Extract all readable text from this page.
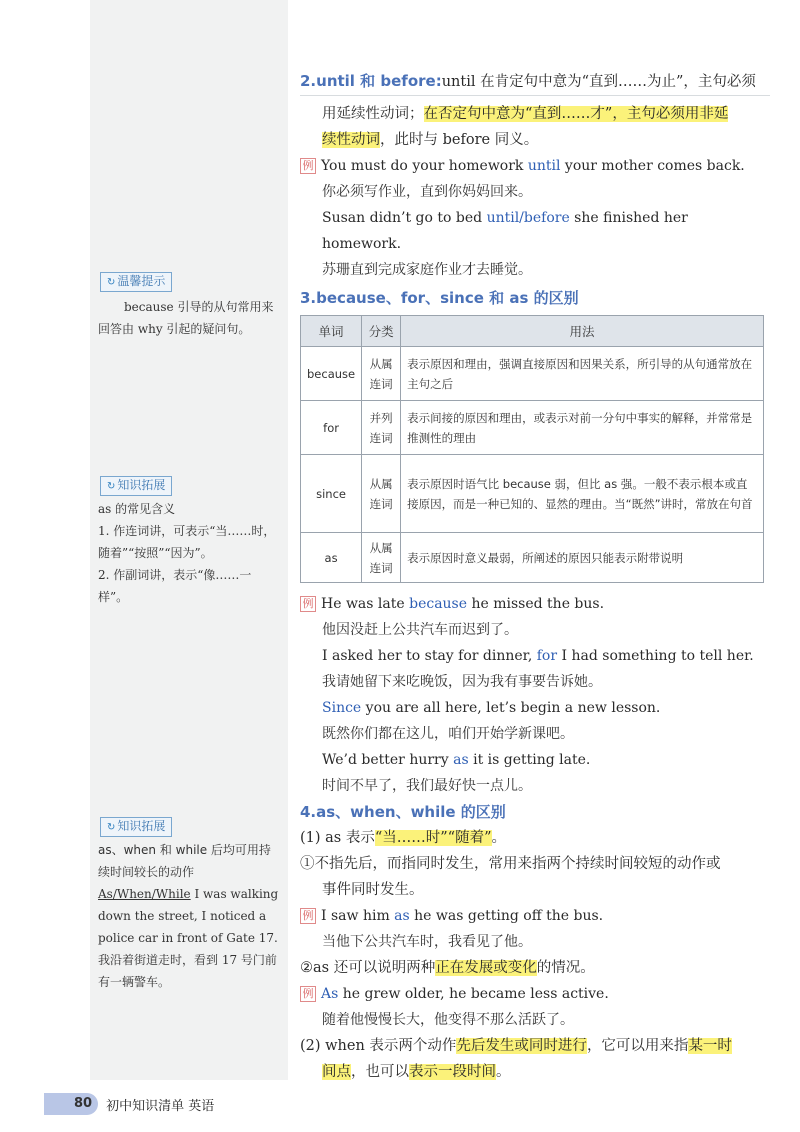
↻ 温馨提示
because 引导的从句常用来回答由 why 引起的疑问句。
↻ 知识拓展
as 的常见含义
1. 作连词讲，可表示“当……时，随着”“按照”“因为”。
2. 作副词讲，表示“像……一样”。
↻ 知识拓展
as、when 和 while 后均可用持续时间较长的动作
As/When/While I was walking down the street, I noticed a police car in front of Gate 17.
我沿着街道走时，看到 17 号门前有一辆警车。
2.until 和 before:until 在肯定句中意为“直到……为止”，主句必须
用延续性动词；在否定句中意为“直到……才”，主句必须用非延
续性动词，此时与 before 同义。
例 You must do your homework until your mother comes back.
你必须写作业，直到你妈妈回来。
Susan didn’t go to bed until/before she finished her homework.
苏珊直到完成家庭作业才去睡觉。
3.because、for、since 和 as 的区别
单词	分类	用法
because	从属连词	表示原因和理由，强调直接原因和因果关系，所引导的从句通常放在主句之后
for	并列连词	表示间接的原因和理由，或表示对前一分句中事实的解释，并常常是推测性的理由
since	从属连词	表示原因时语气比 because 弱，但比 as 强。一般不表示根本或直接原因，而是一种已知的、显然的理由。当“既然”讲时，常放在句首
as	从属连词	表示原因时意义最弱，所阐述的原因只能表示附带说明
例 He was late because he missed the bus.
他因没赶上公共汽车而迟到了。
I asked her to stay for dinner, for I had something to tell her.
我请她留下来吃晚饭，因为我有事要告诉她。
Since you are all here, let’s begin a new lesson.
既然你们都在这儿，咱们开始学新课吧。
We’d better hurry as it is getting late.
时间不早了，我们最好快一点儿。
4.as、when、while 的区别
(1) as 表示“当……时”“随着”。
①不指先后，而指同时发生，常用来指两个持续时间较短的动作或
事件同时发生。
例 I saw him as he was getting off the bus.
当他下公共汽车时，我看见了他。
②as 还可以说明两种正在发展或变化的情况。
例 As he grew older, he became less active.
随着他慢慢长大，他变得不那么活跃了。
(2) when 表示两个动作先后发生或同时进行，它可以用来指某一时
间点，也可以表示一段时间。
80	初中知识清单 英语
